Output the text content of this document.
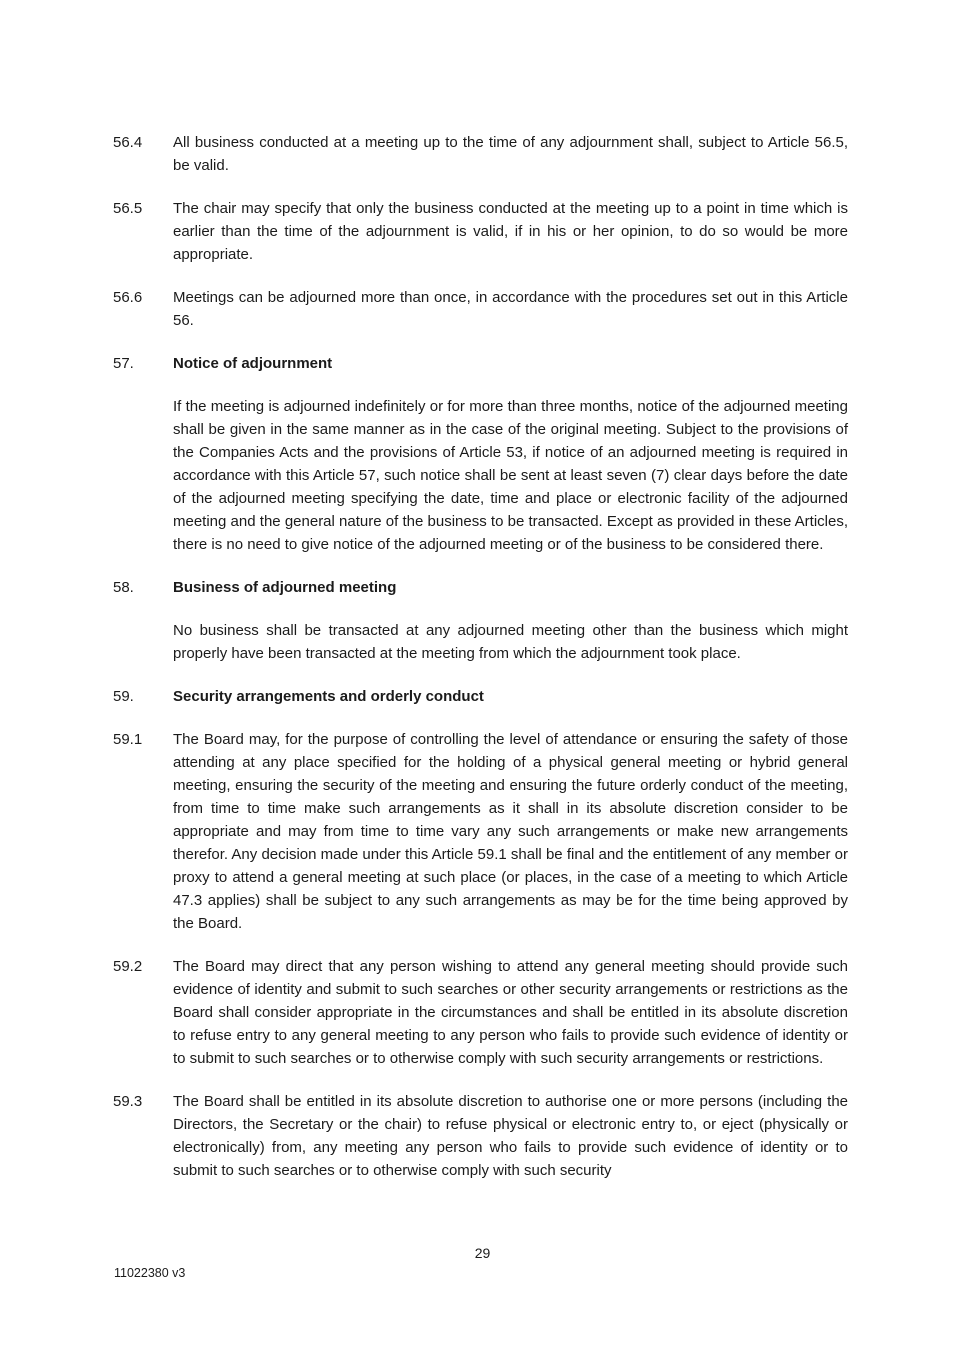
56.4	All business conducted at a meeting up to the time of any adjournment shall, subject to Article 56.5, be valid.
56.5	The chair may specify that only the business conducted at the meeting up to a point in time which is earlier than the time of the adjournment is valid, if in his or her opinion, to do so would be more appropriate.
56.6	Meetings can be adjourned more than once, in accordance with the procedures set out in this Article 56.
57.	Notice of adjournment
If the meeting is adjourned indefinitely or for more than three months, notice of the adjourned meeting shall be given in the same manner as in the case of the original meeting. Subject to the provisions of the Companies Acts and the provisions of Article 53, if notice of an adjourned meeting is required in accordance with this Article 57, such notice shall be sent at least seven (7) clear days before the date of the adjourned meeting specifying the date, time and place or electronic facility of the adjourned meeting and the general nature of the business to be transacted. Except as provided in these Articles, there is no need to give notice of the adjourned meeting or of the business to be considered there.
58.	Business of adjourned meeting
No business shall be transacted at any adjourned meeting other than the business which might properly have been transacted at the meeting from which the adjournment took place.
59.	Security arrangements and orderly conduct
59.1	The Board may, for the purpose of controlling the level of attendance or ensuring the safety of those attending at any place specified for the holding of a physical general meeting or hybrid general meeting, ensuring the security of the meeting and ensuring the future orderly conduct of the meeting, from time to time make such arrangements as it shall in its absolute discretion consider to be appropriate and may from time to time vary any such arrangements or make new arrangements therefor. Any decision made under this Article 59.1 shall be final and the entitlement of any member or proxy to attend a general meeting at such place (or places, in the case of a meeting to which Article 47.3 applies) shall be subject to any such arrangements as may be for the time being approved by the Board.
59.2	The Board may direct that any person wishing to attend any general meeting should provide such evidence of identity and submit to such searches or other security arrangements or restrictions as the Board shall consider appropriate in the circumstances and shall be entitled in its absolute discretion to refuse entry to any general meeting to any person who fails to provide such evidence of identity or to submit to such searches or to otherwise comply with such security arrangements or restrictions.
59.3	The Board shall be entitled in its absolute discretion to authorise one or more persons (including the Directors, the Secretary or the chair) to refuse physical or electronic entry to, or eject (physically or electronically) from, any meeting any person who fails to provide such evidence of identity or to submit to such searches or to otherwise comply with such security
29
11022380 v3
